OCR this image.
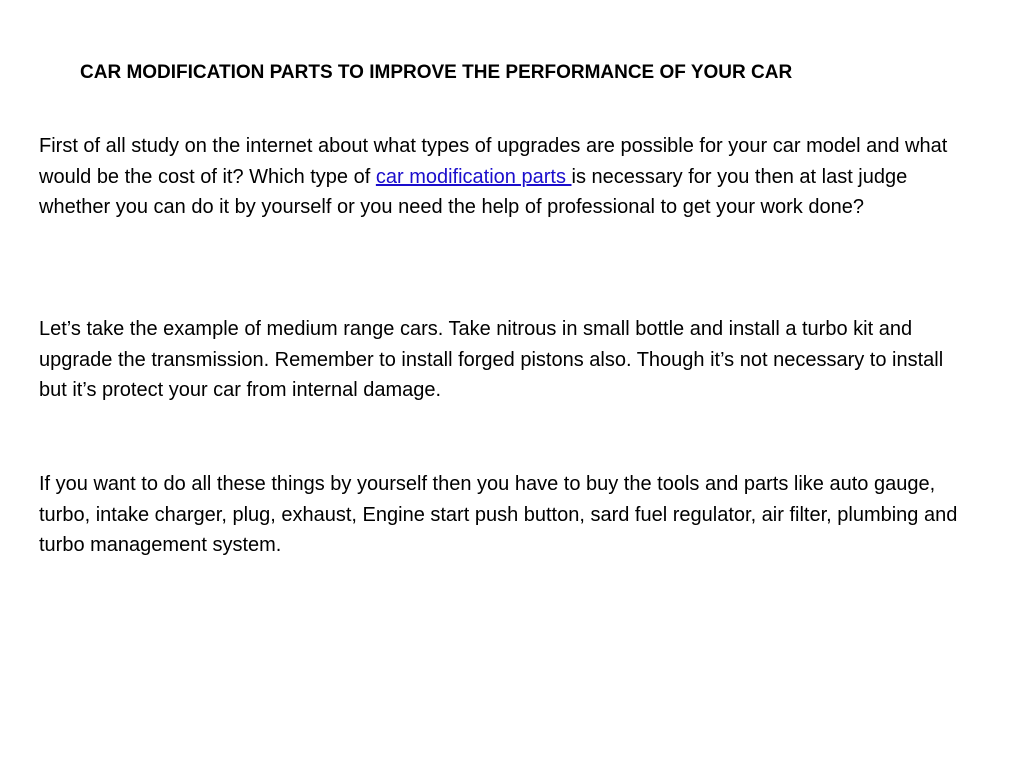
CAR MODIFICATION PARTS TO IMPROVE THE PERFORMANCE OF YOUR CAR

First of all study on the internet about what types of upgrades are possible for your car model and what would be the cost of it? Which type of car modification parts is necessary for you then at last judge whether you can do it by yourself or you need the help of professional to get your work done?

Let’s take the example of medium range cars. Take nitrous in small bottle and install a turbo kit and upgrade the transmission. Remember to install forged pistons also. Though it’s not necessary to install but it’s protect your car from internal damage.

If you want to do all these things by yourself then you have to buy the tools and parts like auto gauge, turbo, intake charger, plug, exhaust, Engine start push button, sard fuel regulator, air filter, plumbing and turbo management system.
